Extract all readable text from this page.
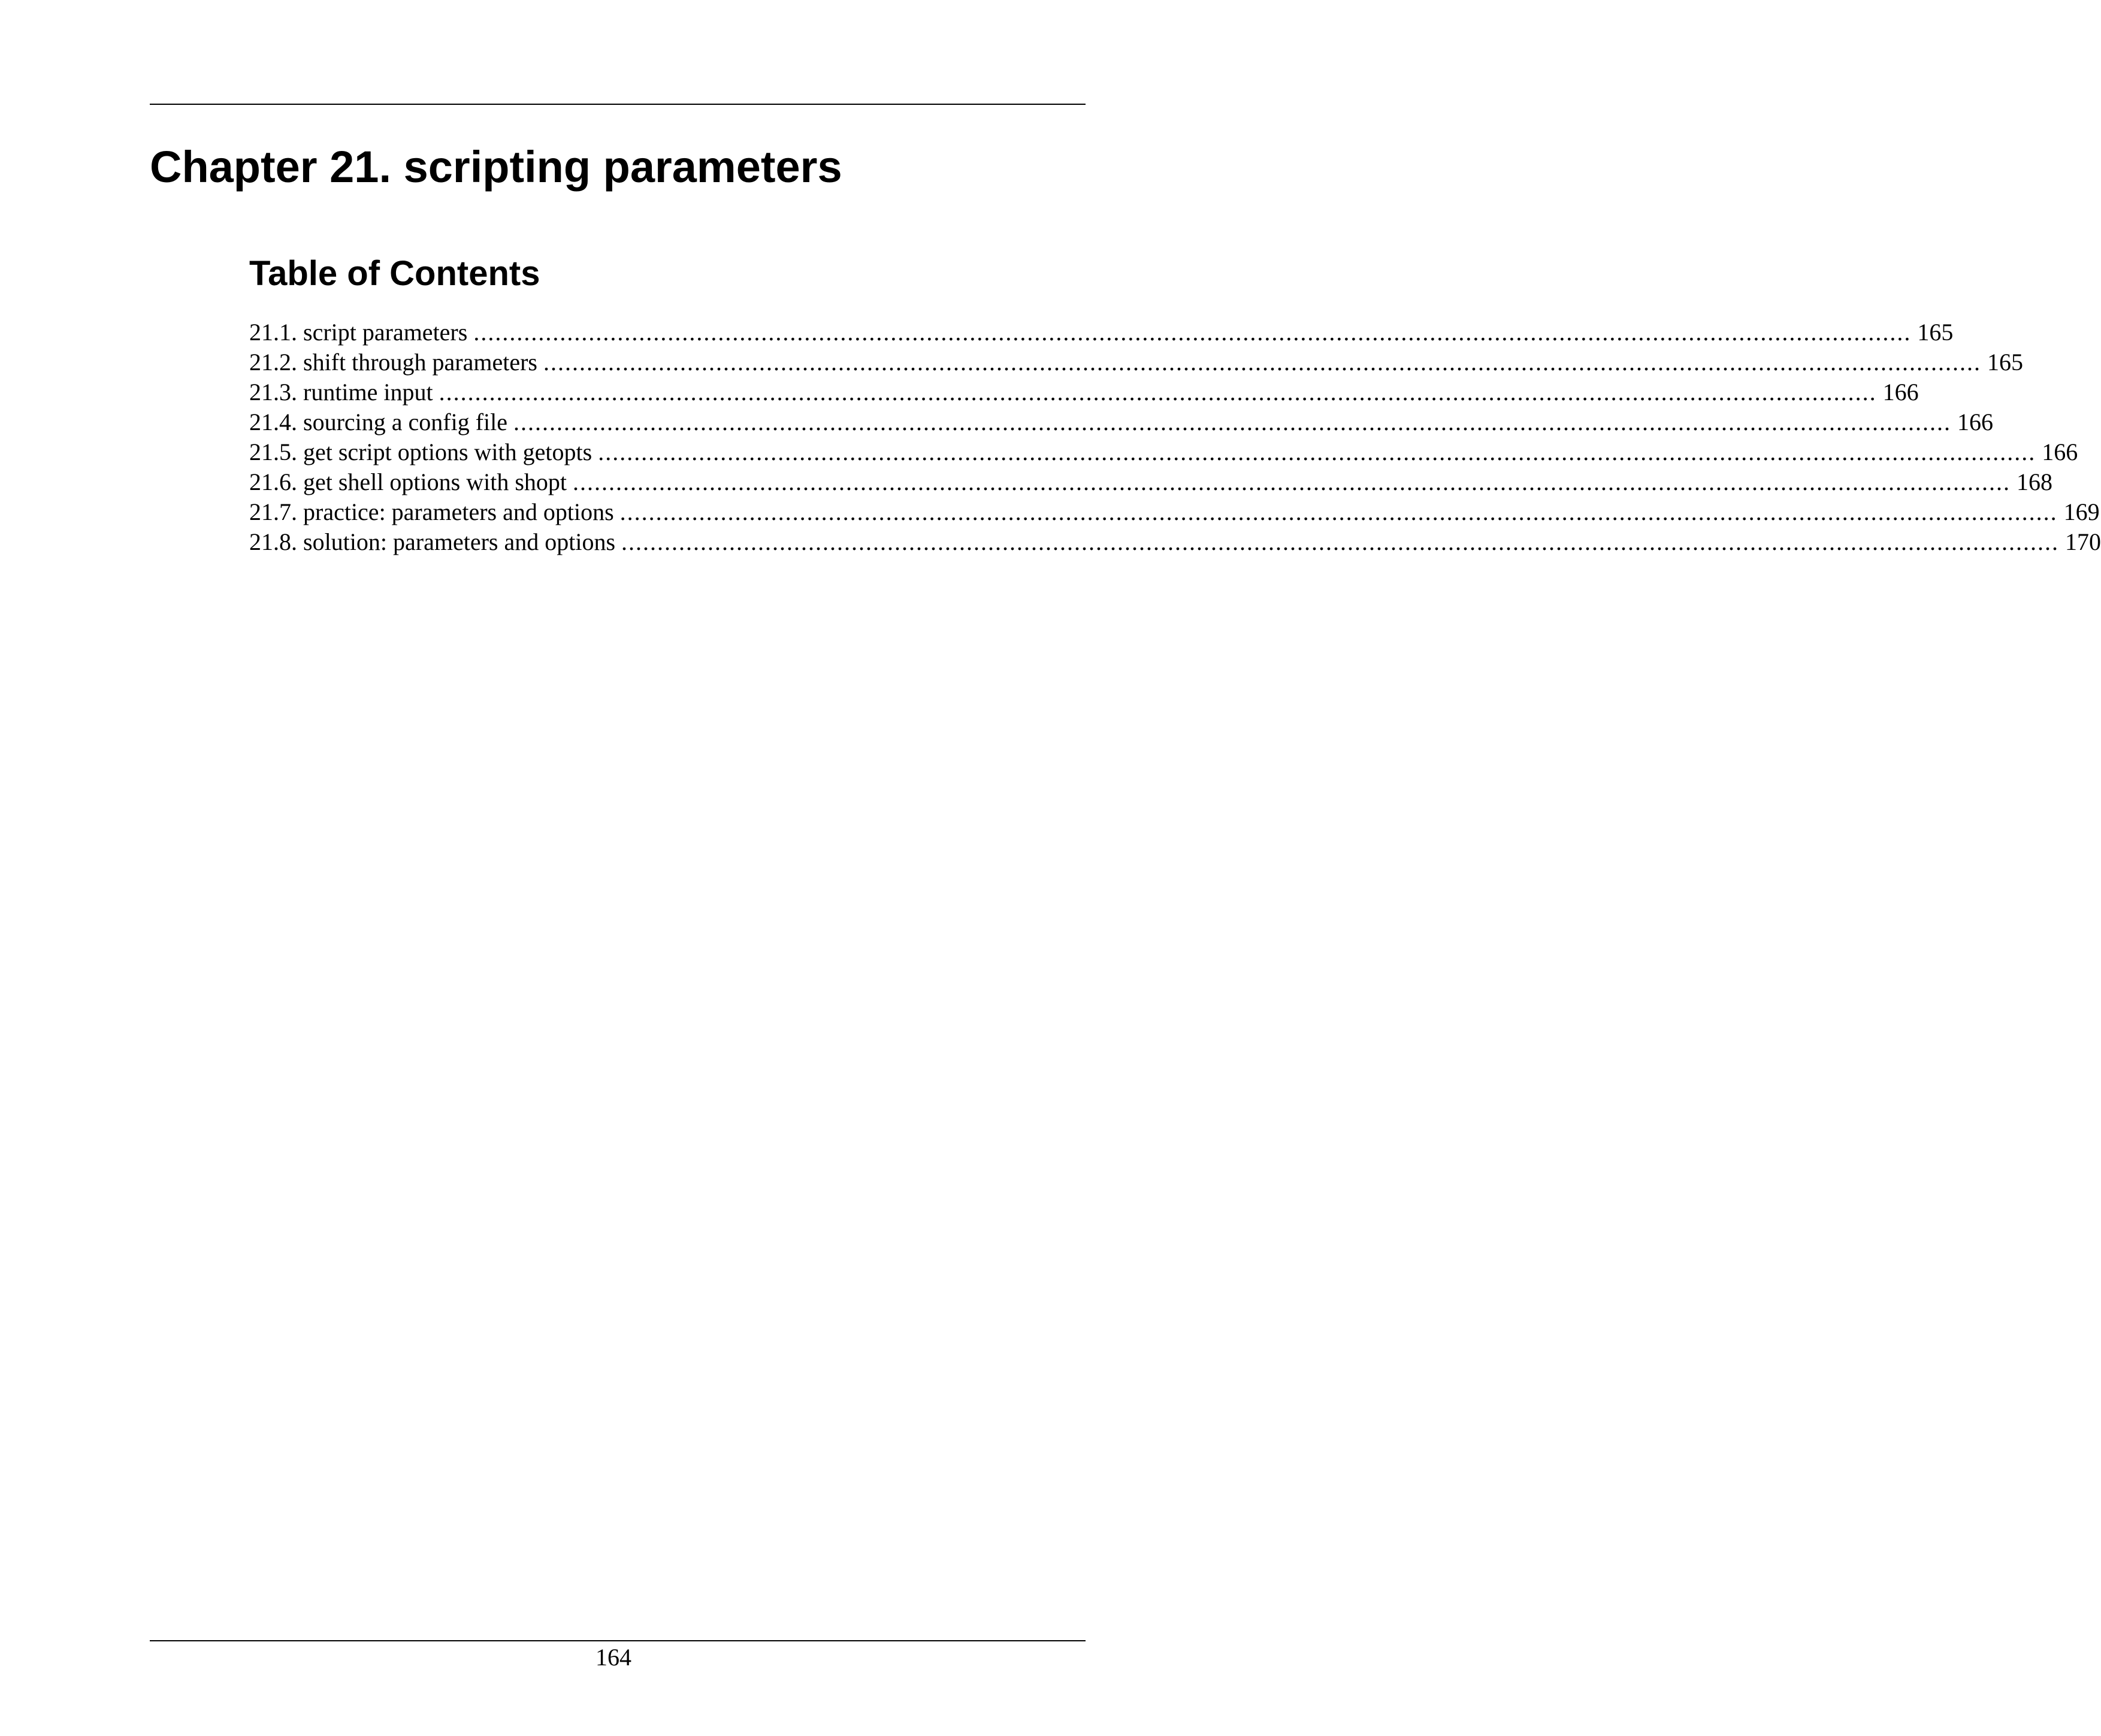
Chapter 21. scripting parameters
Table of Contents
21.1. script parameters ........................................................................................................................................................................................................ 165
21.2. shift through parameters ........................................................................................................................................................................................................ 165
21.3. runtime input ........................................................................................................................................................................................................ 166
21.4. sourcing a config file ........................................................................................................................................................................................................ 166
21.5. get script options with getopts ........................................................................................................................................................................................................ 166
21.6. get shell options with shopt ........................................................................................................................................................................................................ 168
21.7. practice: parameters and options ........................................................................................................................................................................................................ 169
21.8. solution: parameters and options ........................................................................................................................................................................................................ 170
164
